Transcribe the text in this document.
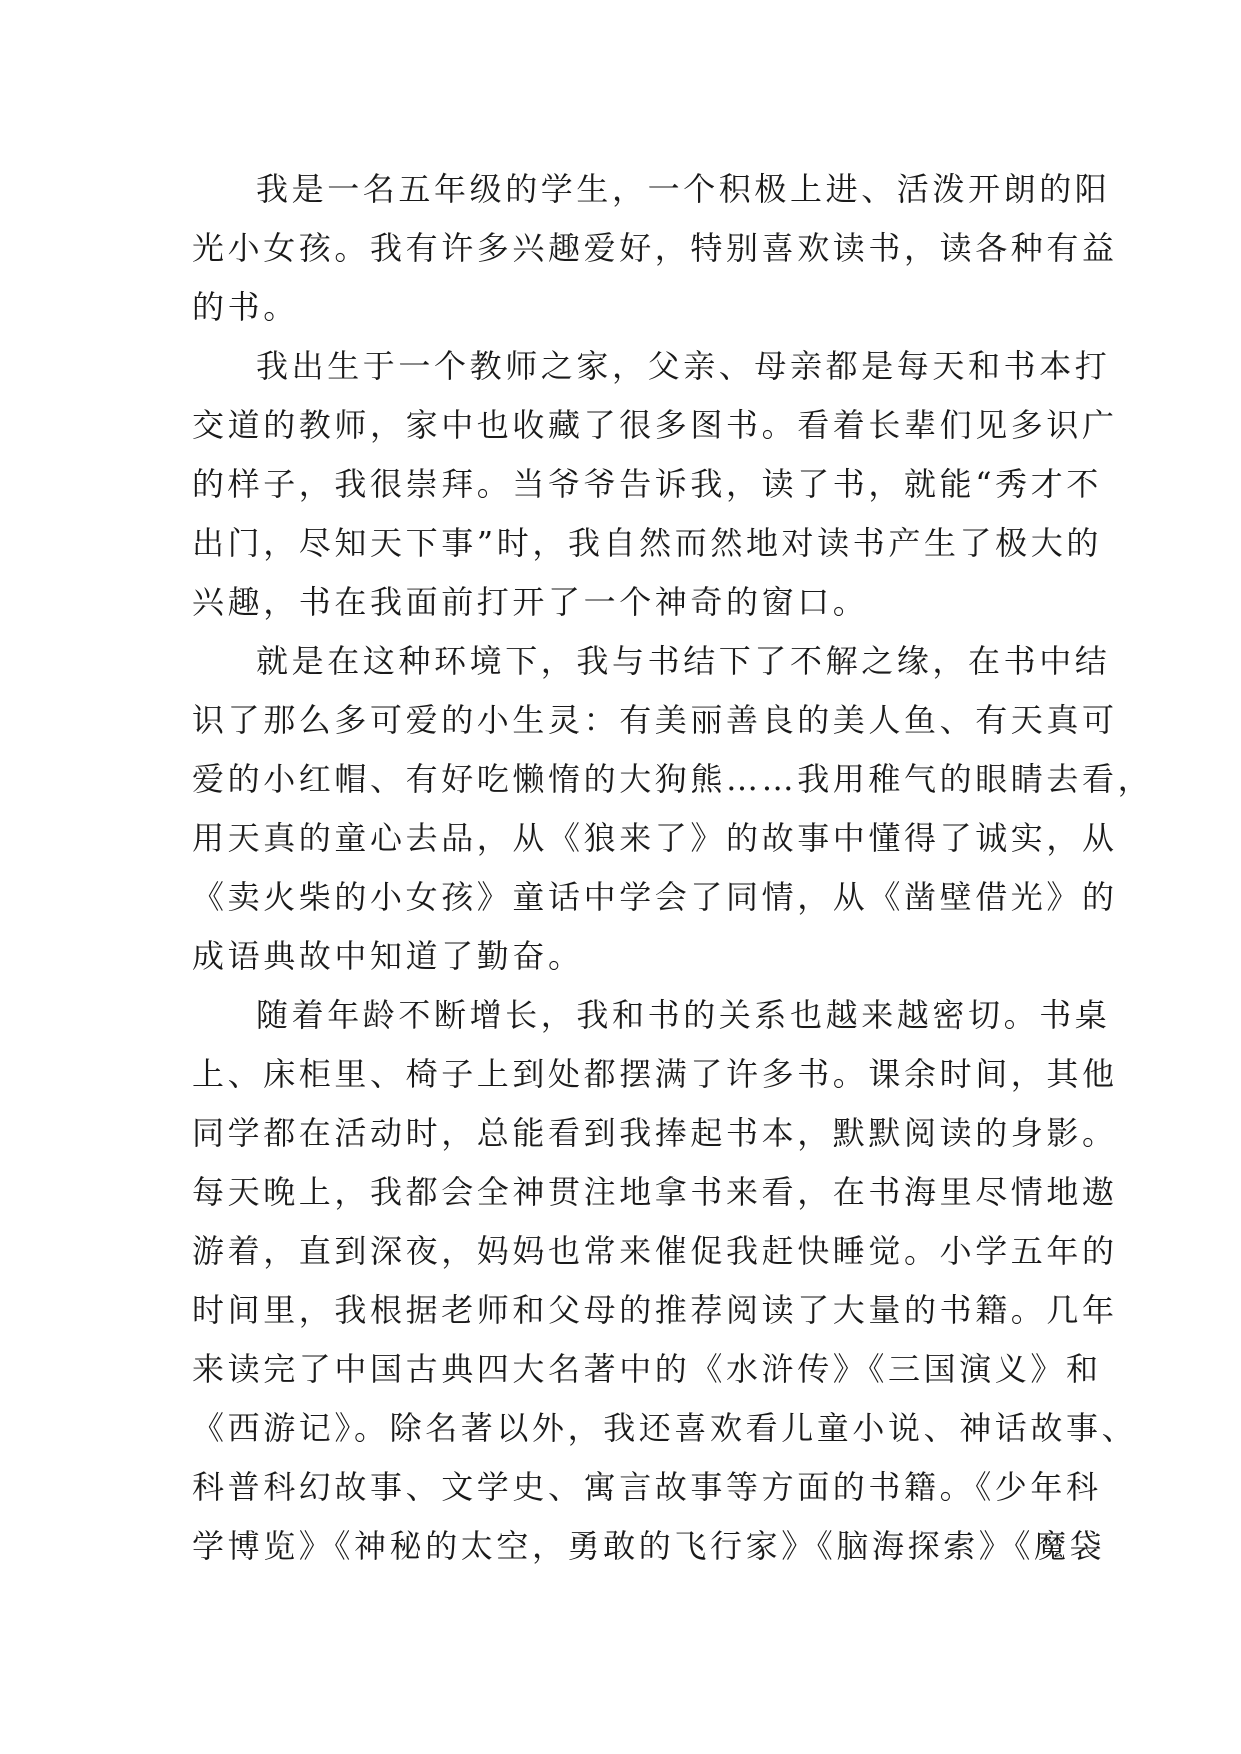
我是一名五年级的学生，一个积极上进、活泼开朗的阳
光小女孩。我有许多兴趣爱好，特别喜欢读书，读各种有益
的书。

我出生于一个教师之家，父亲、母亲都是每天和书本打
交道的教师，家中也收藏了很多图书。看着长辈们见多识广
的样子，我很崇拜。当爷爷告诉我，读了书，就能“秀才不
出门，尽知天下事”时，我自然而然地对读书产生了极大的
兴趣，书在我面前打开了一个神奇的窗口。

就是在这种环境下，我与书结下了不解之缘，在书中结
识了那么多可爱的小生灵：有美丽善良的美人鱼、有天真可
爱的小红帽、有好吃懒惰的大狗熊……我用稚气的眼睛去看，
用天真的童心去品，从《狼来了》的故事中懂得了诚实，从
《卖火柴的小女孩》童话中学会了同情，从《凿壁借光》的
成语典故中知道了勤奋。

随着年龄不断增长，我和书的关系也越来越密切。书桌
上、床柜里、椅子上到处都摆满了许多书。课余时间，其他
同学都在活动时，总能看到我捧起书本，默默阅读的身影。
每天晚上，我都会全神贯注地拿书来看，在书海里尽情地遨
游着，直到深夜，妈妈也常来催促我赶快睡觉。小学五年的
时间里，我根据老师和父母的推荐阅读了大量的书籍。几年
来读完了中国古典四大名著中的《水浒传》《三国演义》和
《西游记》。除名著以外，我还喜欢看儿童小说、神话故事、
科普科幻故事、文学史、寓言故事等方面的书籍。《少年科
学博览》《神秘的太空，勇敢的飞行家》《脑海探索》《魔袋
